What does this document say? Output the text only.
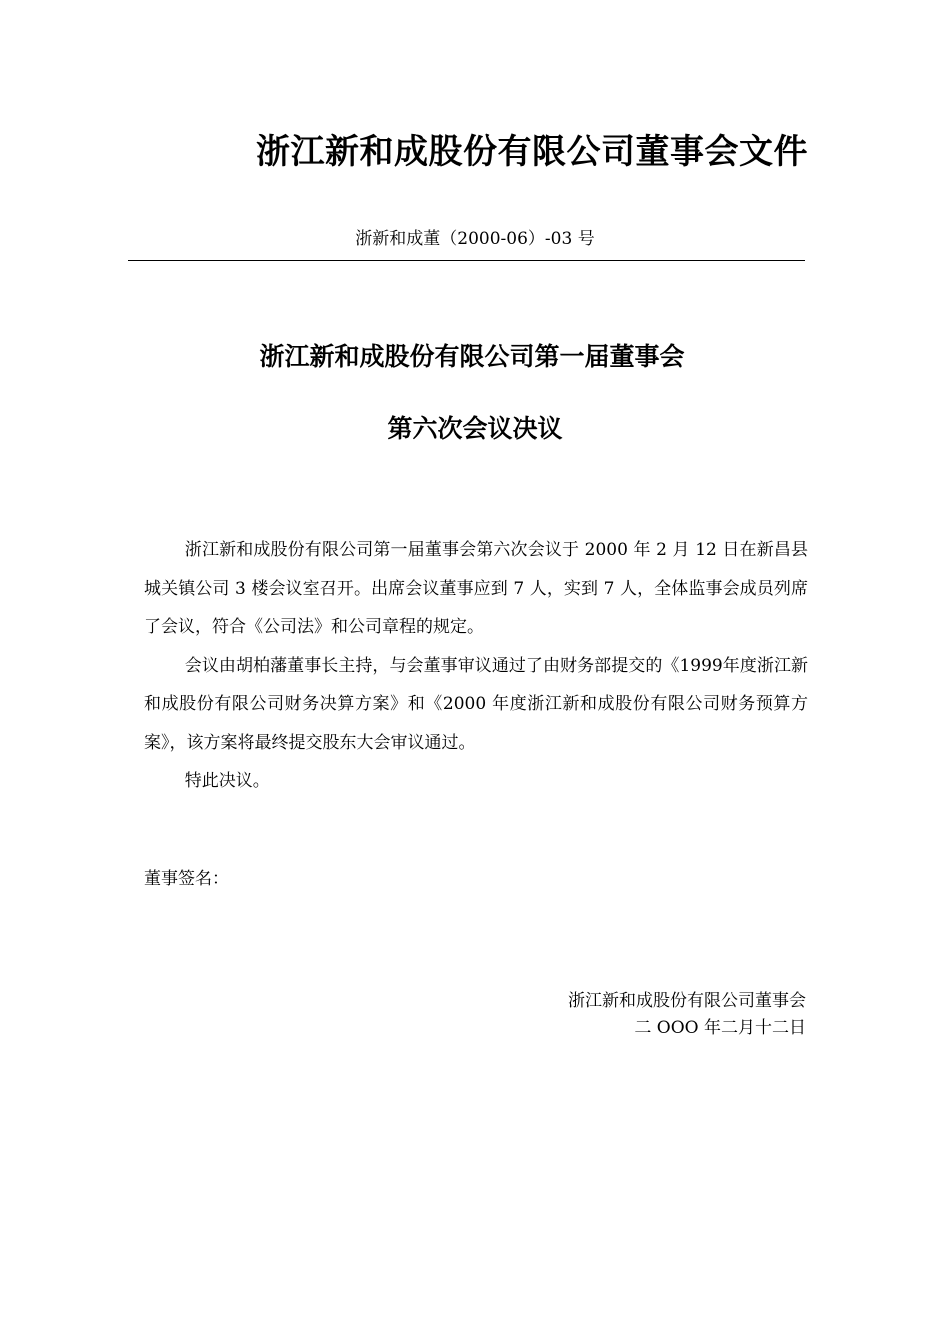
浙江新和成股份有限公司董事会文件
浙新和成董（2000-06）-03 号
浙江新和成股份有限公司第一届董事会
第六次会议决议

浙江新和成股份有限公司第一届董事会第六次会议于 2000 年 2 月 12 日在新昌县城关镇公司 3 楼会议室召开。出席会议董事应到 7 人，实到 7 人，全体监事会成员列席了会议，符合《公司法》和公司章程的规定。

会议由胡柏藩董事长主持，与会董事审议通过了由财务部提交的《1999年度浙江新和成股份有限公司财务决算方案》和《2000 年度浙江新和成股份有限公司财务预算方案》，该方案将最终提交股东大会审议通过。

特此决议。

董事签名：
浙江新和成股份有限公司董事会
二 OOO 年二月十二日
